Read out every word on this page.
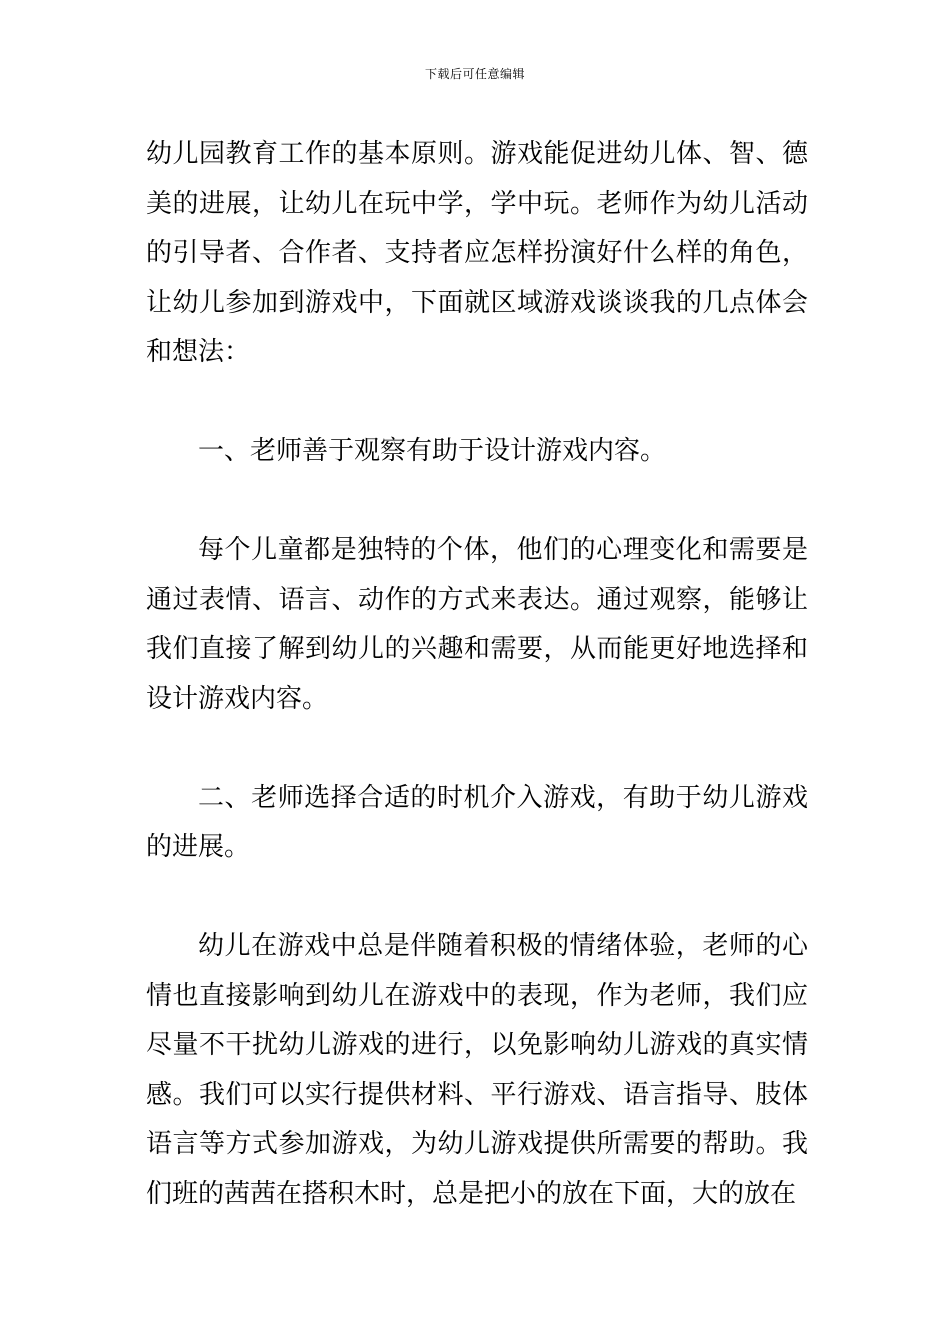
下载后可任意编辑

幼儿园教育工作的基本原则。游戏能促进幼儿体、智、德美的进展，让幼儿在玩中学，学中玩。老师作为幼儿活动的引导者、合作者、支持者应怎样扮演好什么样的角色，让幼儿参加到游戏中，下面就区域游戏谈谈我的几点体会和想法：

一、老师善于观察有助于设计游戏内容。

每个儿童都是独特的个体，他们的心理变化和需要是通过表情、语言、动作的方式来表达。通过观察，能够让我们直接了解到幼儿的兴趣和需要，从而能更好地选择和设计游戏内容。

二、老师选择合适的时机介入游戏，有助于幼儿游戏的进展。

幼儿在游戏中总是伴随着积极的情绪体验，老师的心情也直接影响到幼儿在游戏中的表现，作为老师，我们应尽量不干扰幼儿游戏的进行，以免影响幼儿游戏的真实情感。我们可以实行提供材料、平行游戏、语言指导、肢体语言等方式参加游戏，为幼儿游戏提供所需要的帮助。我们班的茜茜在搭积木时，总是把小的放在下面，大的放在
